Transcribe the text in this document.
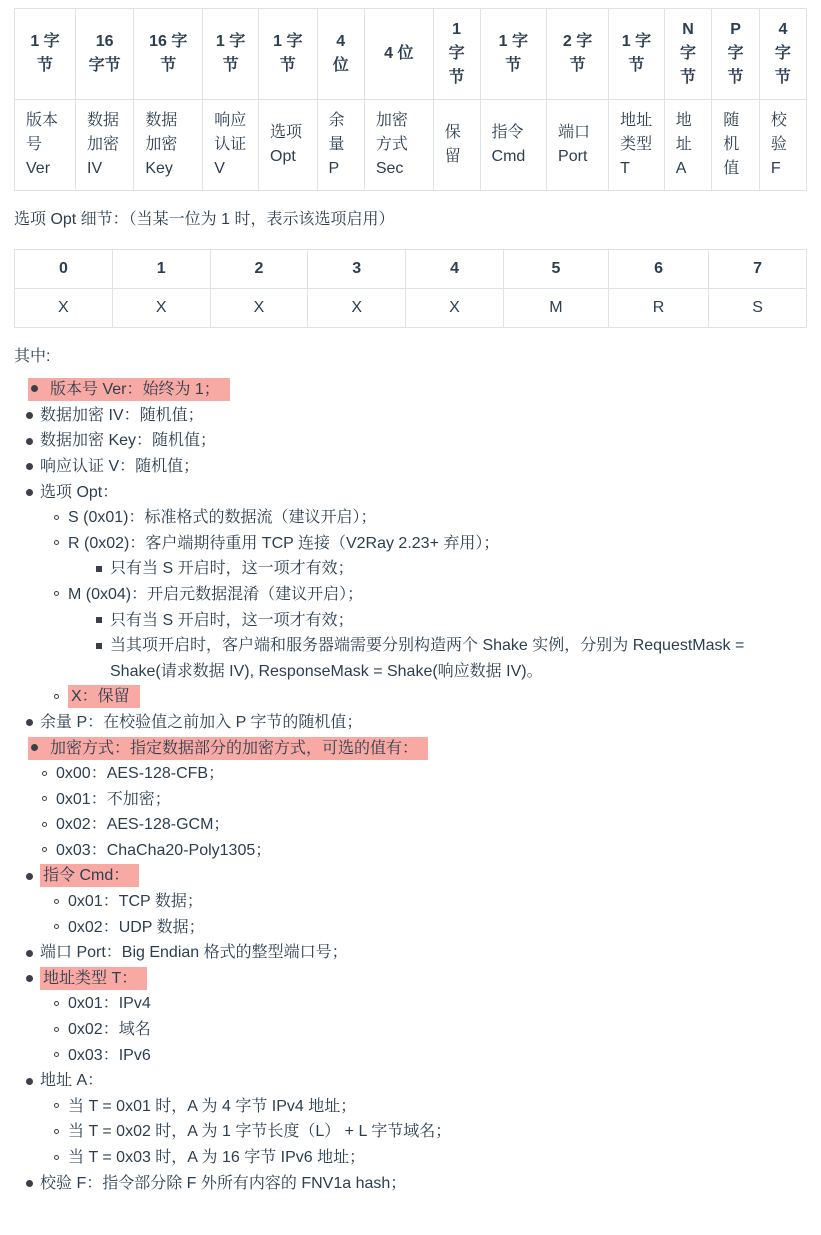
1 字节	16 字节	16 字节	1 字节	1 字节	4 位	4 位	1 字节	1 字节	2 字节	1 字节	N 字节	P 字节	4 字节
版本号 Ver	数据加密 IV	数据加密 Key	响应认证 V	选项 Opt	余量 P	加密方式 Sec	保留	指令 Cmd	端口 Port	地址类型 T	地址 A	随机值	校验 F

选项 Opt 细节：（当某一位为 1 时，表示该选项启用）

0	1	2	3	4	5	6	7
X	X	X	X	X	M	R	S

其中:

版本号 Ver：始终为 1；
数据加密 IV：随机值；
数据加密 Key：随机值；
响应认证 V：随机值；
选项 Opt：
S (0x01)：标准格式的数据流（建议开启）；
R (0x02)：客户端期待重用 TCP 连接（V2Ray 2.23+ 弃用）；
只有当 S 开启时，这一项才有效；
M (0x04)：开启元数据混淆（建议开启）；
只有当 S 开启时，这一项才有效；
当其项开启时，客户端和服务器端需要分别构造两个 Shake 实例，分别为 RequestMask = Shake(请求数据 IV), ResponseMask = Shake(响应数据 IV)。
X：保留
余量 P：在校验值之前加入 P 字节的随机值；
加密方式：指定数据部分的加密方式，可选的值有：
0x00：AES-128-CFB；
0x01：不加密；
0x02：AES-128-GCM；
0x03：ChaCha20-Poly1305；
指令 Cmd：
0x01：TCP 数据；
0x02：UDP 数据；
端口 Port：Big Endian 格式的整型端口号；
地址类型 T：
0x01：IPv4
0x02：域名
0x03：IPv6
地址 A：
当 T = 0x01 时，A 为 4 字节 IPv4 地址；
当 T = 0x02 时，A 为 1 字节长度（L） + L 字节域名；
当 T = 0x03 时，A 为 16 字节 IPv6 地址；
校验 F：指令部分除 F 外所有内容的 FNV1a hash；
